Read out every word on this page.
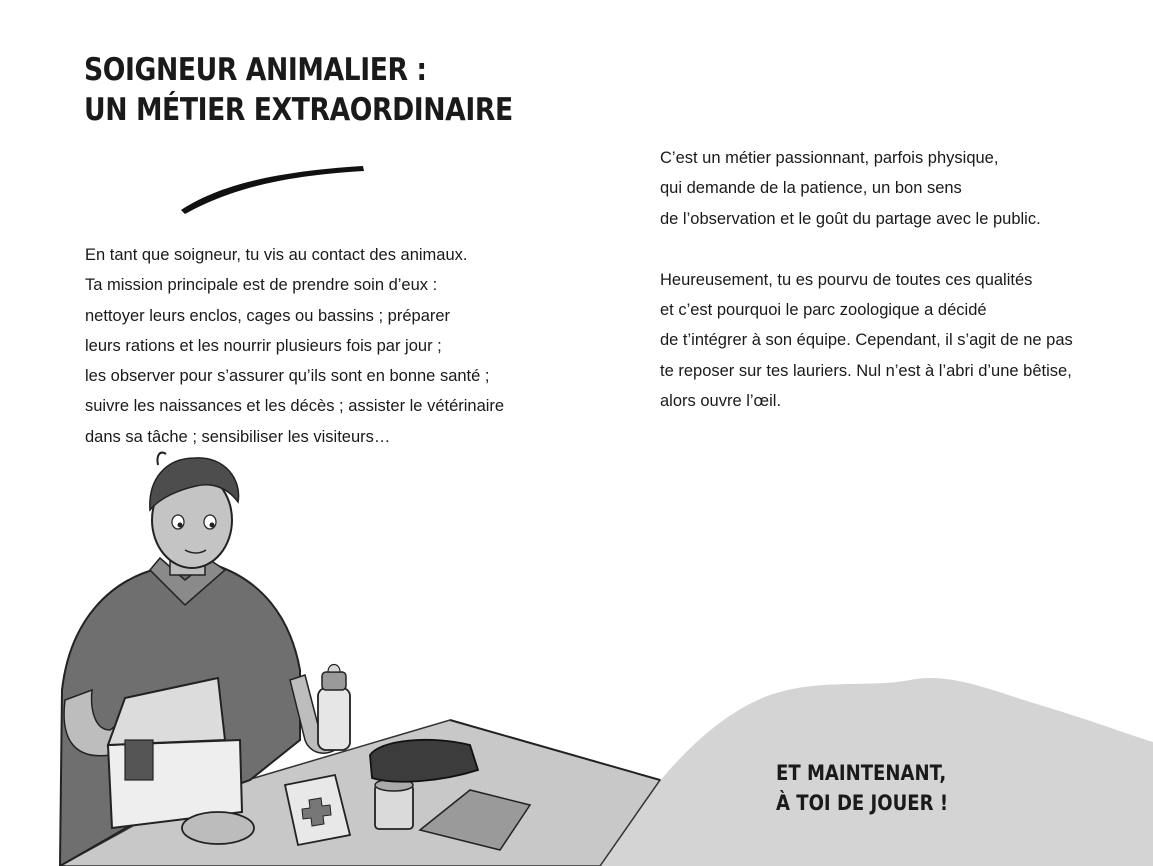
SOIGNEUR ANIMALIER :
UN MÉTIER EXTRAORDINAIRE
En tant que soigneur, tu vis au contact des animaux.
Ta mission principale est de prendre soin d’eux :
nettoyer leurs enclos, cages ou bassins ; préparer
leurs rations et les nourrir plusieurs fois par jour ;
les observer pour s’assurer qu’ils sont en bonne santé ;
suivre les naissances et les décès ; assister le vétérinaire
dans sa tâche ; sensibiliser les visiteurs…

C’est un métier passionnant, parfois physique,
qui demande de la patience, un bon sens
de l’observation et le goût du partage avec le public.

Heureusement, tu es pourvu de toutes ces qualités
et c’est pourquoi le parc zoologique a décidé
de t’intégrer à son équipe. Cependant, il s’agit de ne pas
te reposer sur tes lauriers. Nul n’est à l’abri d’une bêtise,
alors ouvre l’œil.

ET MAINTENANT,
À TOI DE JOUER !
